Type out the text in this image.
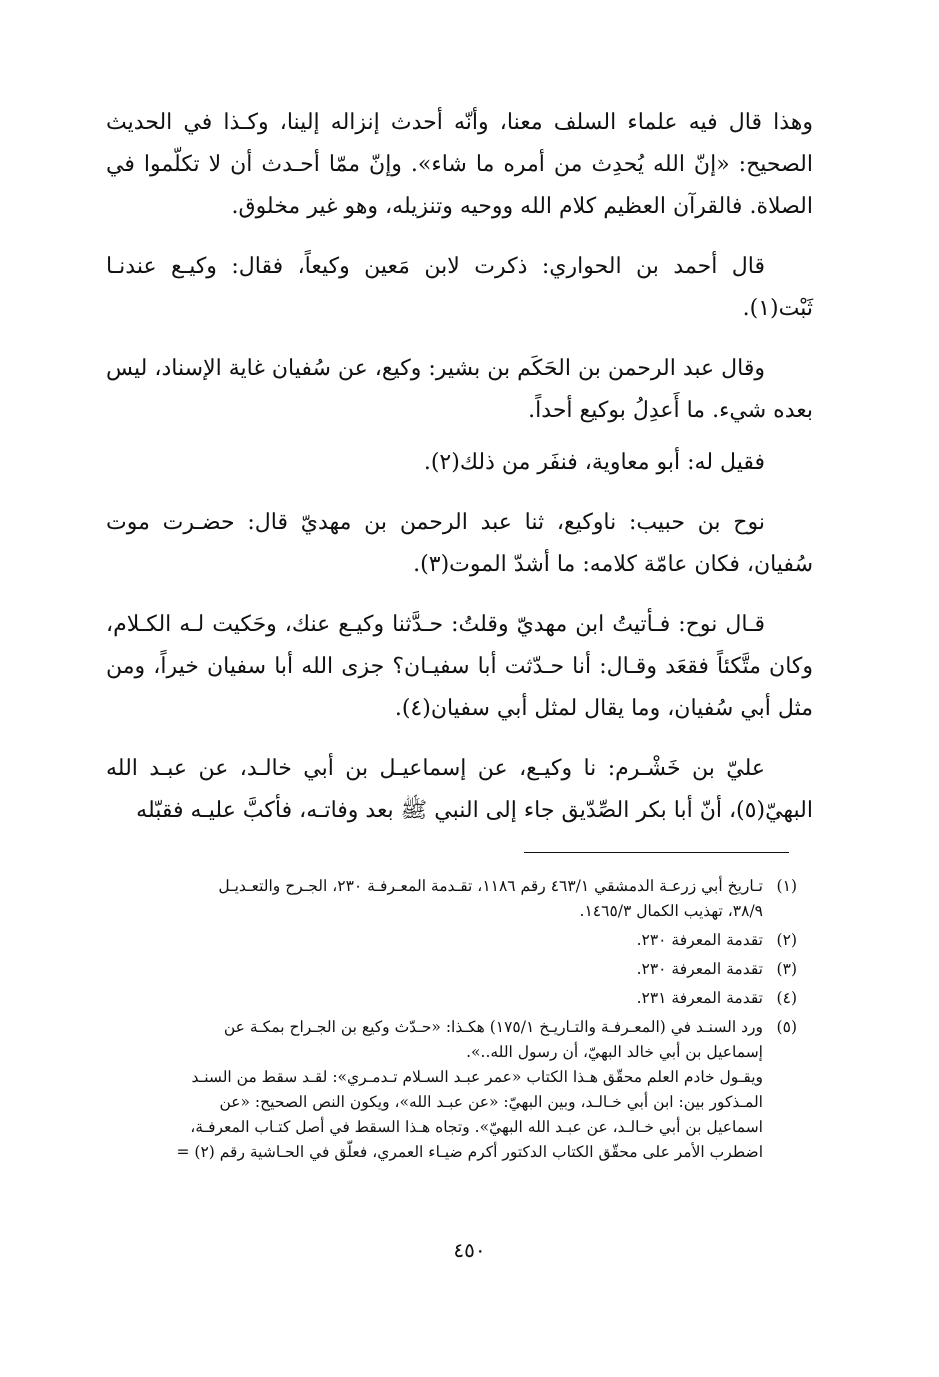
وهذا قال فيه علماء السلف معنا، وأنّه أحدث إنزاله إلينا، وكـذا في الحديث الصحيح: «إنّ الله يُحدِث من أمره ما شاء». وإنّ ممّا أحـدث أن لا تكلّموا في الصلاة. فالقرآن العظيم كلام الله ووحيه وتنزيله، وهو غير مخلوق.

قال أحمد بن الحواري: ذكرت لابن مَعين وكيعاً، فقال: وكيـع عندنـا ثَبْت(١).

وقال عبد الرحمن بن الحَكَم بن بشير: وكيع، عن سُفيان غاية الإسناد، ليس بعده شيء. ما أَعدِلُ بوكيع أحداً.

فقيل له: أبو معاوية، فنفَر من ذلك(٢).

نوح بن حبيب: ناوكيع، ثنا عبد الرحمن بن مهديّ قال: حضـرت موت سُفيان، فكان عامّة كلامه: ما أشدّ الموت(٣).

قـال نوح: فـأتيتُ ابن مهديّ وقلتُ: حـدَّثنا وكيـع عنك، وحَكيت لـه الكـلام، وكان متَّكئاً فقعَد وقـال: أنا حـدّثت أبا سفيـان؟ جزى الله أبا سفيان خيراً، ومن مثل أبي سُفيان، وما يقال لمثل أبي سفيان(٤).

عليّ بن خَشْـرم: نا وكيـع، عن إسماعيـل بن أبي خالـد، عن عبـد الله البهيّ(٥)، أنّ أبا بكر الصِّدّيق جاء إلى النبي ﷺ بعد وفاتـه، فأكبَّ عليـه فقبّله

(١)
تـاريخ أبي زرعـة الدمشقي ٤٦٣/١ رقم ١١٨٦، تقـدمة المعـرفـة ٢٣٠، الجـرح والتعـديـل
٣٨/٩، تهذيب الكمال ١٤٦٥/٣.
(٢)
تقدمة المعرفة ٢٣٠.
(٣)
تقدمة المعرفة ٢٣٠.
(٤)
تقدمة المعرفة ٢٣١.
(٥)
ورد السنـد في (المعـرفـة والتـاريـخ ١٧٥/١) هكـذا: «حـدّث وكيع بن الجـراح بمكـة عن
إسماعيل بن أبي خالد البهيّ، أن رسول الله..».
ويقـول خادم العلم محقّق هـذا الكتاب «عمر عبـد السـلام تـدمـري»: لقـد سقط من السنـد
المـذكور بين: ابن أبي خـالـد، وبين البهيّ: «عن عبـد الله»، ويكون النص الصحيح: «عن
اسماعيل بن أبي خـالـد، عن عبـد الله البهيّ». وتجاه هـذا السقط في أصل كتـاب المعرفـة،
اضطرب الأمر على محقّق الكتاب الدكتور أكرم ضيـاء العمري، فعلّق في الحـاشية رقم (٢) =
٤٥٠
